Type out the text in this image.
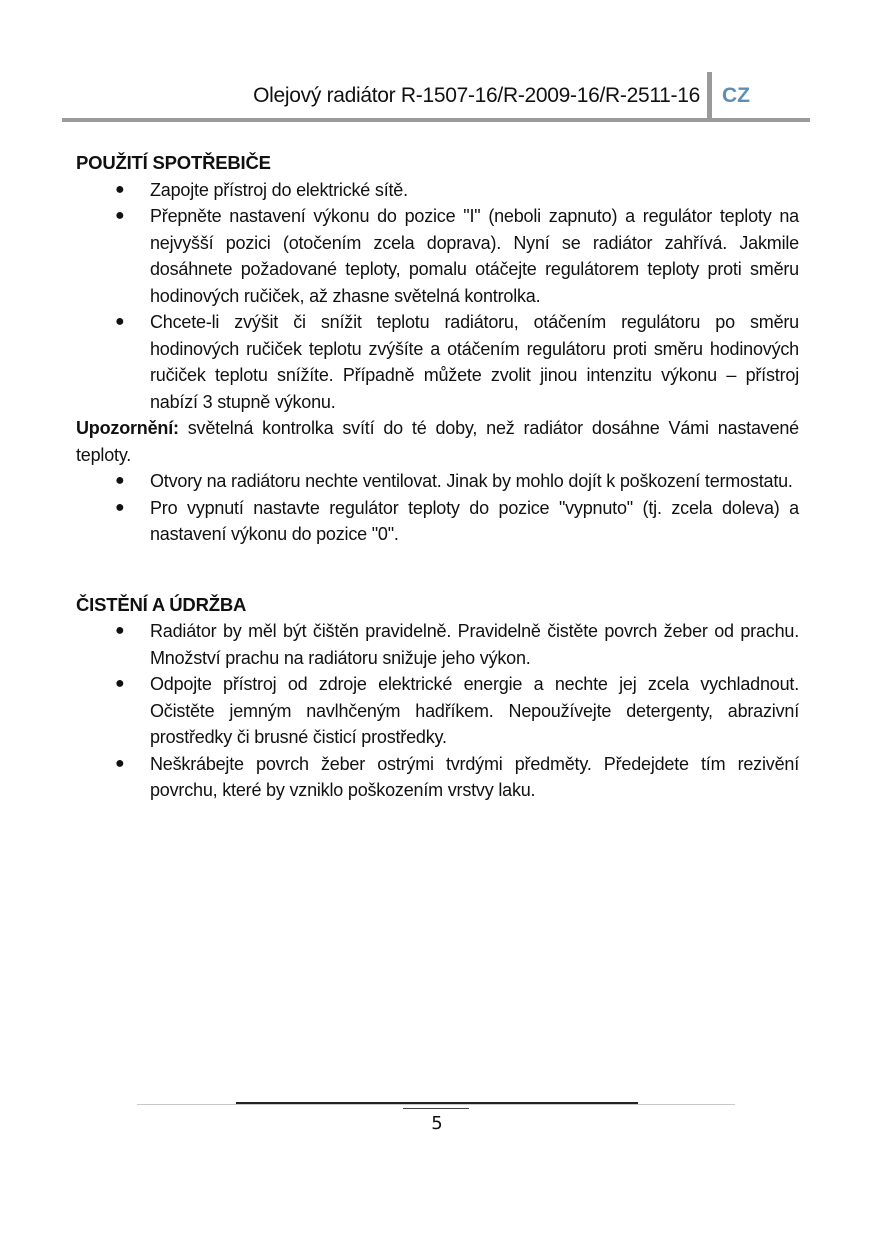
Olejový radiátor R-1507-16/R-2009-16/R-2511-16 CZ
POUŽITÍ SPOTŘEBIČE
● Zapojte přístroj do elektrické sítě.
● Přepněte nastavení výkonu do pozice "I" (neboli zapnuto) a regulátor teploty na nejvyšší pozici (otočením zcela doprava). Nyní se radiátor zahřívá. Jakmile dosáhnete požadované teploty, pomalu otáčejte regulátorem teploty proti směru hodinových ručiček, až zhasne světelná kontrolka.
● Chcete-li zvýšit či snížit teplotu radiátoru, otáčením regulátoru po směru hodinových ručiček teplotu zvýšíte a otáčením regulátoru proti směru hodinových ručiček teplotu snížíte. Případně můžete zvolit jinou intenzitu výkonu – přístroj nabízí 3 stupně výkonu.

Upozornění: světelná kontrolka svítí do té doby, než radiátor dosáhne Vámi nastavené teploty.

● Otvory na radiátoru nechte ventilovat. Jinak by mohlo dojít k poškození termostatu.
● Pro vypnutí nastavte regulátor teploty do pozice "vypnuto" (tj. zcela doleva) a nastavení výkonu do pozice "0".
ČISTĚNÍ A ÚDRŽBA
● Radiátor by měl být čištěn pravidelně. Pravidelně čistěte povrch žeber od prachu. Množství prachu na radiátoru snižuje jeho výkon.
● Odpojte přístroj od zdroje elektrické energie a nechte jej zcela vychladnout. Očistěte jemným navlhčeným hadříkem. Nepoužívejte detergenty, abrazivní prostředky či brusné čisticí prostředky.
● Neškrábejte povrch žeber ostrými tvrdými předměty. Předejdete tím rezivění povrchu, které by vzniklo poškozením vrstvy laku.
5
